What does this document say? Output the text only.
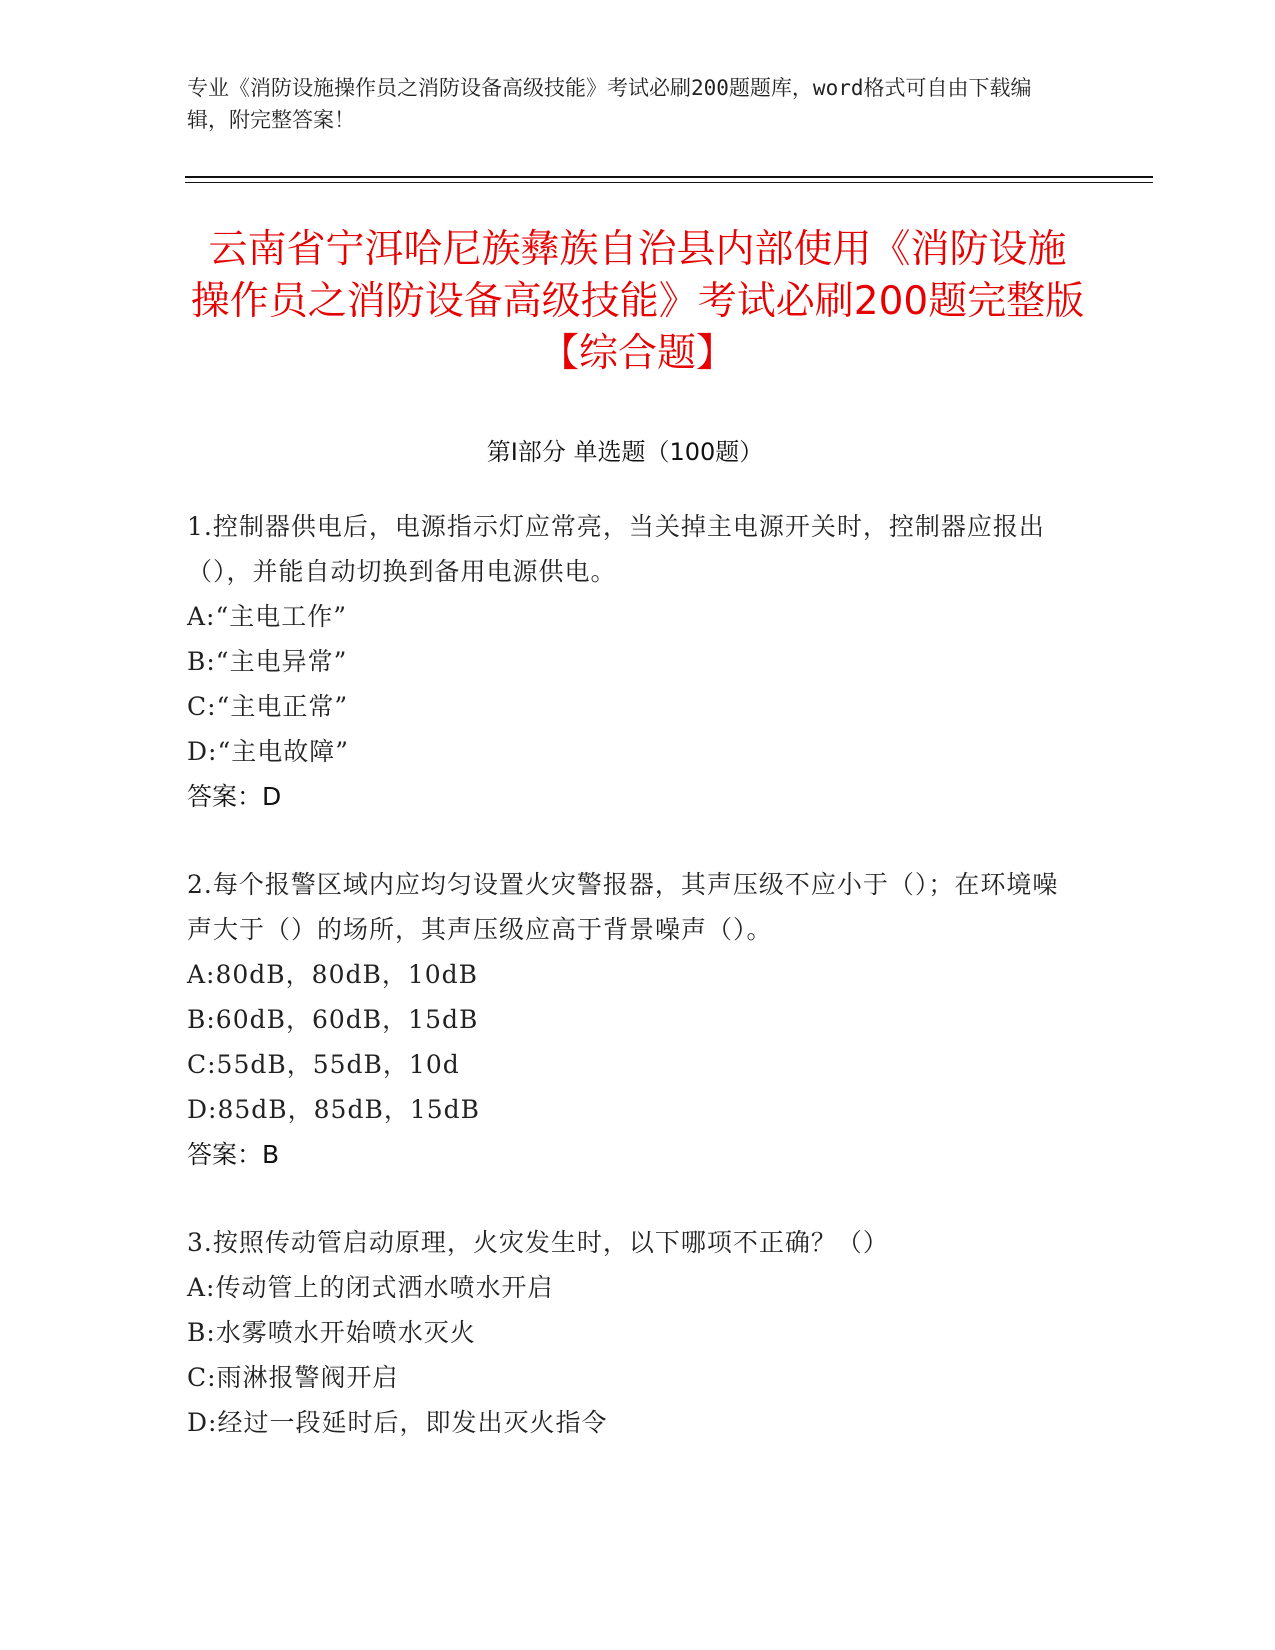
专业《消防设施操作员之消防设备高级技能》考试必刷200题题库，word格式可自由下载编辑，附完整答案！
云南省宁洱哈尼族彝族自治县内部使用《消防设施操作员之消防设备高级技能》考试必刷200题完整版【综合题】
第Ⅰ部分 单选题（100题）
1.控制器供电后，电源指示灯应常亮，当关掉主电源开关时，控制器应报出（），并能自动切换到备用电源供电。
A:“主电工作”
B:“主电异常”
C:“主电正常”
D:“主电故障”
答案：D
2.每个报警区域内应均匀设置火灾警报器，其声压级不应小于（）；在环境噪声大于（）的场所，其声压级应高于背景噪声（）。
A:80dB，80dB，10dB
B:60dB，60dB，15dB
C:55dB，55dB，10d
D:85dB，85dB，15dB
答案：B
3.按照传动管启动原理，火灾发生时，以下哪项不正确？（）
A:传动管上的闭式洒水喷水开启
B:水雾喷水开始喷水灭火
C:雨淋报警阀开启
D:经过一段延时后，即发出灭火指令
